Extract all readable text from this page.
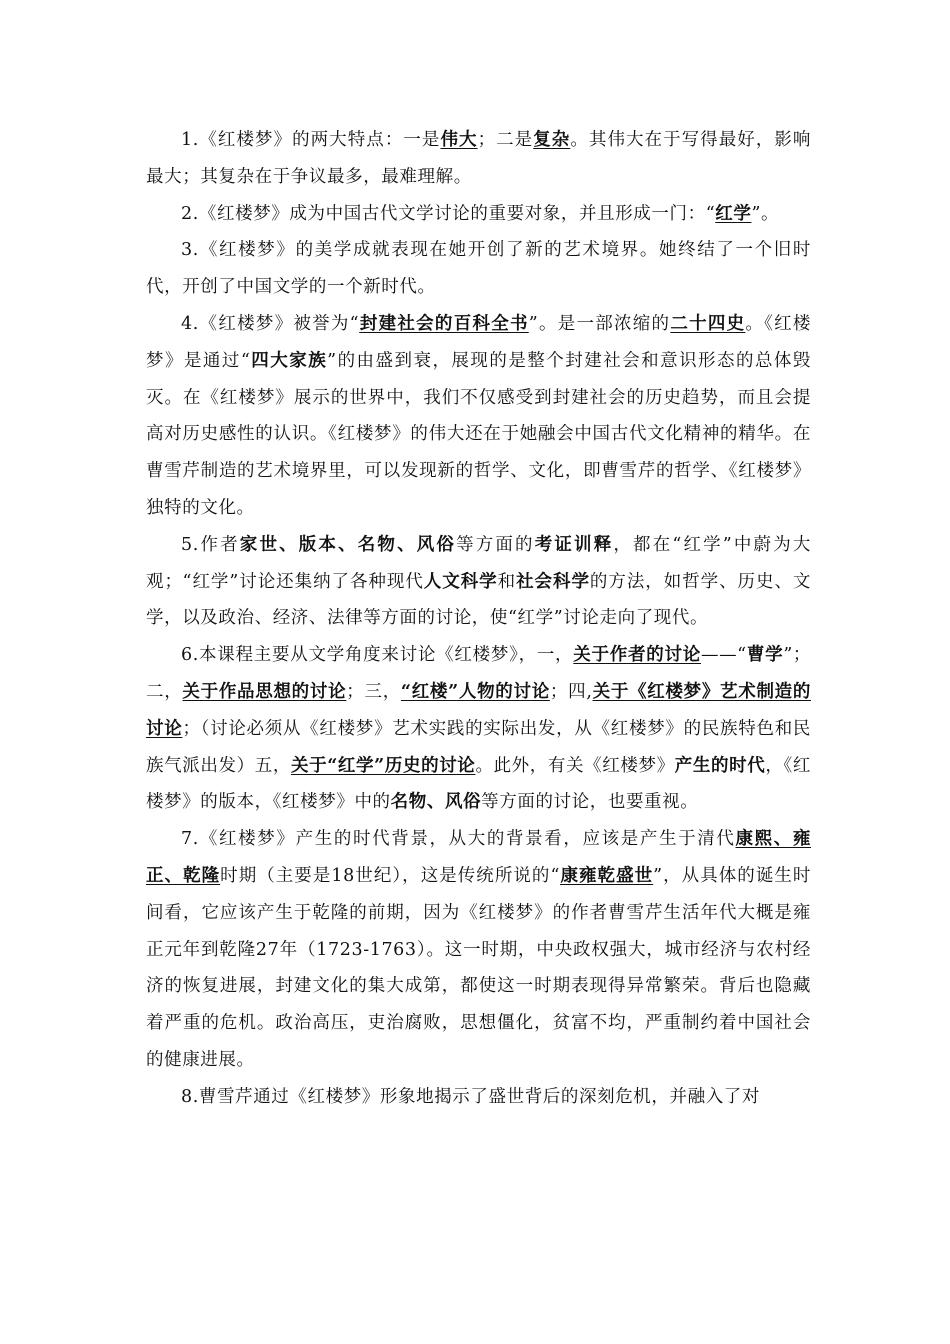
1.《红楼梦》的两大特点：一是伟大；二是复杂。其伟大在于写得最好，影响最大；其复杂在于争议最多，最难理解。

2.《红楼梦》成为中国古代文学讨论的重要对象，并且形成一门：“红学”。

3.《红楼梦》的美学成就表现在她开创了新的艺术境界。她终结了一个旧时代，开创了中国文学的一个新时代。

4.《红楼梦》被誉为“封建社会的百科全书”。是一部浓缩的二十四史。《红楼梦》是通过“四大家族”的由盛到衰，展现的是整个封建社会和意识形态的总体毁灭。在《红楼梦》展示的世界中，我们不仅感受到封建社会的历史趋势，而且会提高对历史感性的认识。《红楼梦》的伟大还在于她融会中国古代文化精神的精华。在曹雪芹制造的艺术境界里，可以发现新的哲学、文化，即曹雪芹的哲学、《红楼梦》独特的文化。

5.作者家世、版本、名物、风俗等方面的考证训释，都在“红学”中蔚为大观；“红学”讨论还集纳了各种现代人文科学和社会科学的方法，如哲学、历史、文学，以及政治、经济、法律等方面的讨论，使“红学”讨论走向了现代。

6.本课程主要从文学角度来讨论《红楼梦》，一，关于作者的讨论——“曹学”；二，关于作品思想的讨论；三，“红楼”人物的讨论；四,关于《红楼梦》艺术制造的讨论；（讨论必须从《红楼梦》艺术实践的实际出发，从《红楼梦》的民族特色和民族气派出发）五，关于“红学”历史的讨论。此外，有关《红楼梦》产生的时代，《红楼梦》的版本，《红楼梦》中的名物、风俗等方面的讨论，也要重视。

7.《红楼梦》产生的时代背景，从大的背景看，应该是产生于清代康熙、雍正、乾隆时期（主要是18世纪），这是传统所说的“康雍乾盛世”，从具体的诞生时间看，它应该产生于乾隆的前期，因为《红楼梦》的作者曹雪芹生活年代大概是雍正元年到乾隆27年（1723-1763）。这一时期，中央政权强大，城市经济与农村经济的恢复进展，封建文化的集大成第，都使这一时期表现得异常繁荣。背后也隐藏着严重的危机。政治高压，吏治腐败，思想僵化，贫富不均，严重制约着中国社会的健康进展。

8.曹雪芹通过《红楼梦》形象地揭示了盛世背后的深刻危机，并融入了对
